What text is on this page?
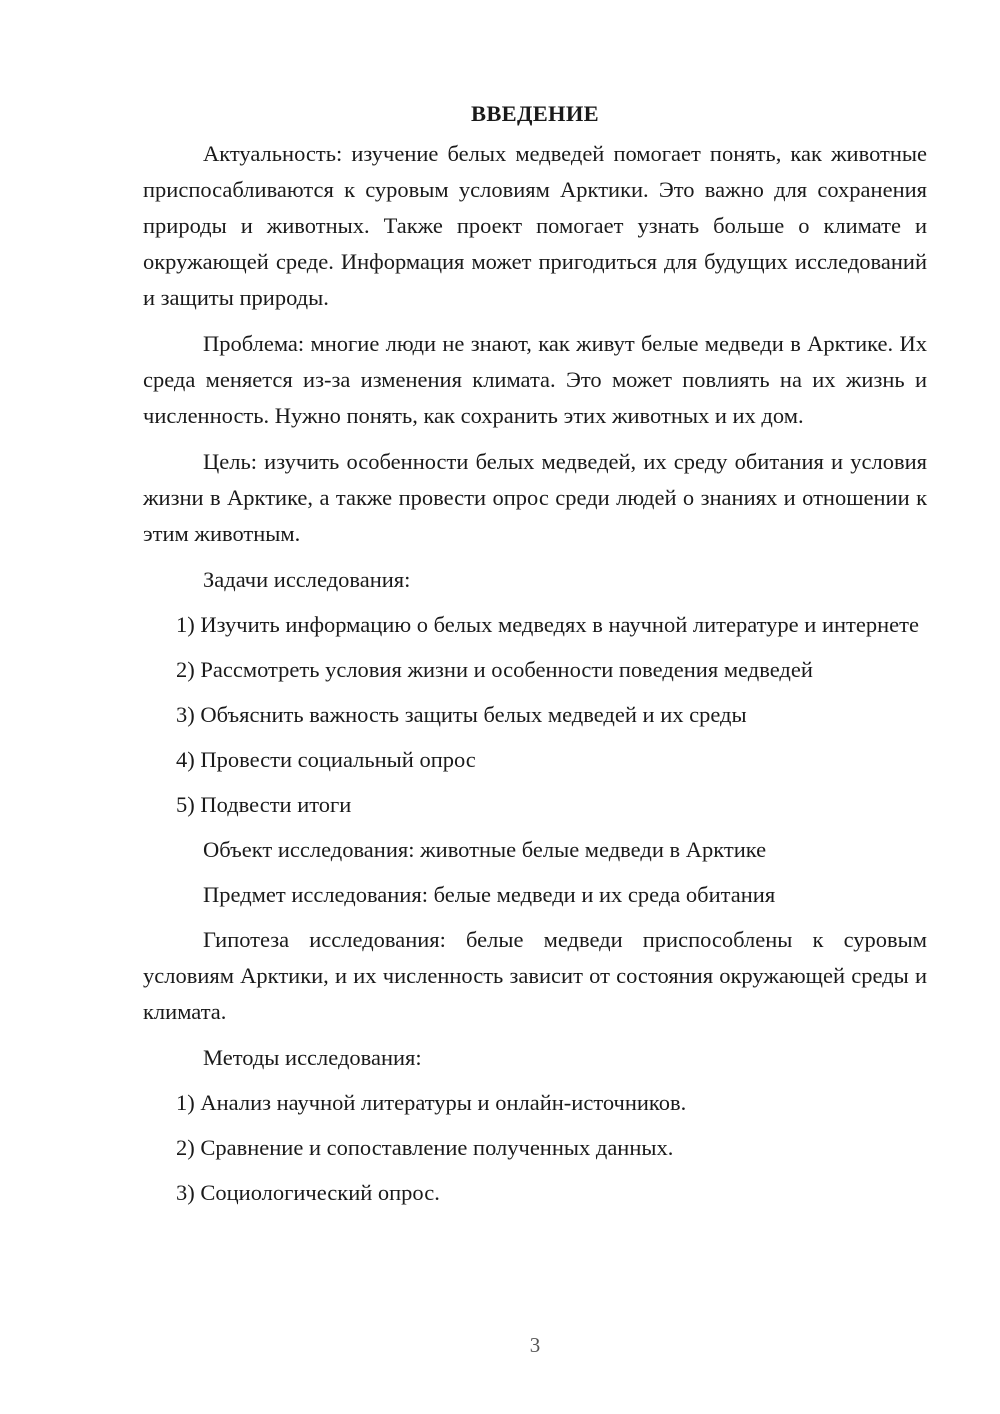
ВВЕДЕНИЕ

Актуальность: изучение белых медведей помогает понять, как животные приспосабливаются к суровым условиям Арктики. Это важно для сохранения природы и животных. Также проект помогает узнать больше о климате и окружающей среде. Информация может пригодиться для будущих исследований и защиты природы.

Проблема: многие люди не знают, как живут белые медведи в Арктике. Их среда меняется из-за изменения климата. Это может повлиять на их жизнь и численность. Нужно понять, как сохранить этих животных и их дом.

Цель: изучить особенности белых медведей, их среду обитания и условия жизни в Арктике, а также провести опрос среди людей о знаниях и отношении к этим животным.

Задачи исследования:
1) Изучить информацию о белых медведях в научной литературе и интернете
2) Рассмотреть условия жизни и особенности поведения медведей
3) Объяснить важность защиты белых медведей и их среды
4) Провести социальный опрос
5) Подвести итоги
Объект исследования: животные белые медведи в Арктике
Предмет исследования: белые медведи и их среда обитания

Гипотеза исследования: белые медведи приспособлены к суровым условиям Арктики, и их численность зависит от состояния окружающей среды и климата.

Методы исследования:
1) Анализ научной литературы и онлайн-источников.
2) Сравнение и сопоставление полученных данных.
3) Социологический опрос.
3
